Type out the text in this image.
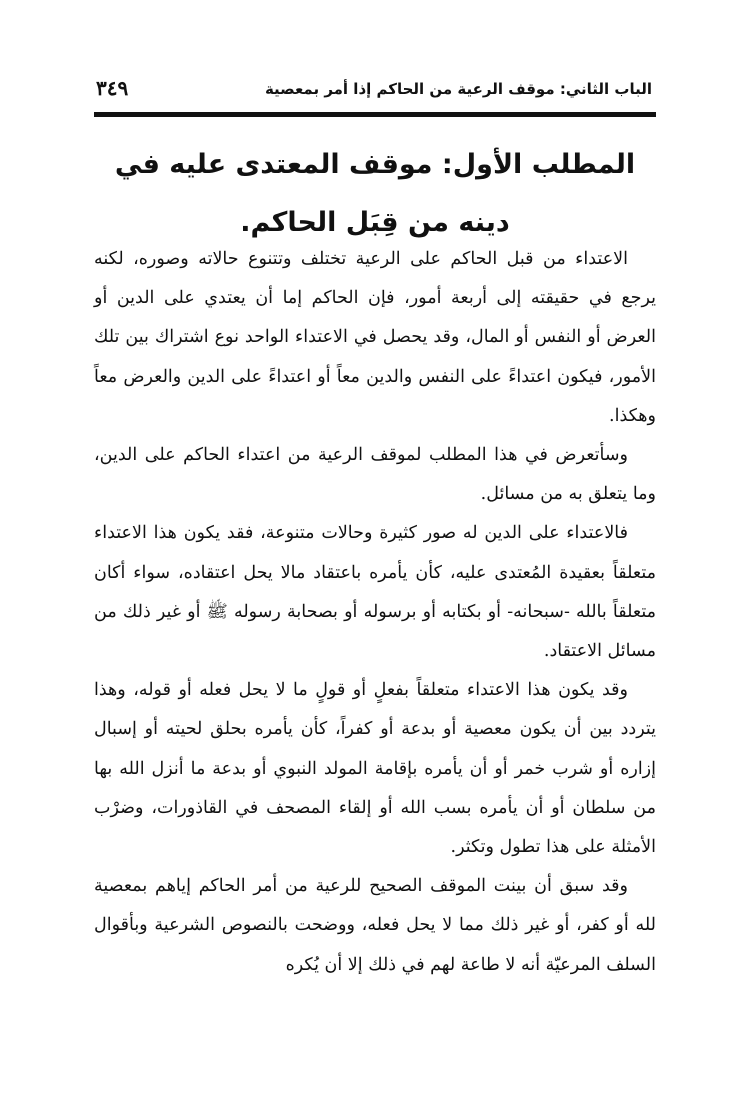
الباب الثاني: موقف الرعية من الحاكم إذا أمر بمعصية
٣٤٩
المطلب الأول: موقف المعتدى عليه في دينه من قِبَل الحاكم.

الاعتداء من قبل الحاكم على الرعية تختلف وتتنوع حالاته وصوره، لكنه يرجع في حقيقته إلى أربعة أمور، فإن الحاكم إما أن يعتدي على الدين أو العرض أو النفس أو المال، وقد يحصل في الاعتداء الواحد نوع اشتراك بين تلك الأمور، فيكون اعتداءً على النفس والدين معاً أو اعتداءً على الدين والعرض معاً وهكذا.

وسأتعرض في هذا المطلب لموقف الرعية من اعتداء الحاكم على الدين، وما يتعلق به من مسائل.

فالاعتداء على الدين له صور كثيرة وحالات متنوعة، فقد يكون هذا الاعتداء متعلقاً بعقيدة المُعتدى عليه، كأن يأمره باعتقاد مالا يحل اعتقاده، سواء أكان متعلقاً بالله -سبحانه- أو بكتابه أو برسوله أو بصحابة رسوله ﷺ أو غير ذلك من مسائل الاعتقاد.

وقد يكون هذا الاعتداء متعلقاً بفعلٍ أو قولٍ ما لا يحل فعله أو قوله، وهذا يتردد بين أن يكون معصية أو بدعة أو كفراً، كأن يأمره بحلق لحيته أو إسبال إزاره أو شرب خمر أو أن يأمره بإقامة المولد النبوي أو بدعة ما أنزل الله بها من سلطان أو أن يأمره بسب الله أو إلقاء المصحف في القاذورات، وضرْب الأمثلة على هذا تطول وتكثر.

وقد سبق أن بينت الموقف الصحيح للرعية من أمر الحاكم إياهم بمعصية لله أو كفر، أو غير ذلك مما لا يحل فعله، ووضحت بالنصوص الشرعية وبأقوال السلف المرعيّة أنه لا طاعة لهم في ذلك إلا أن يُكره
